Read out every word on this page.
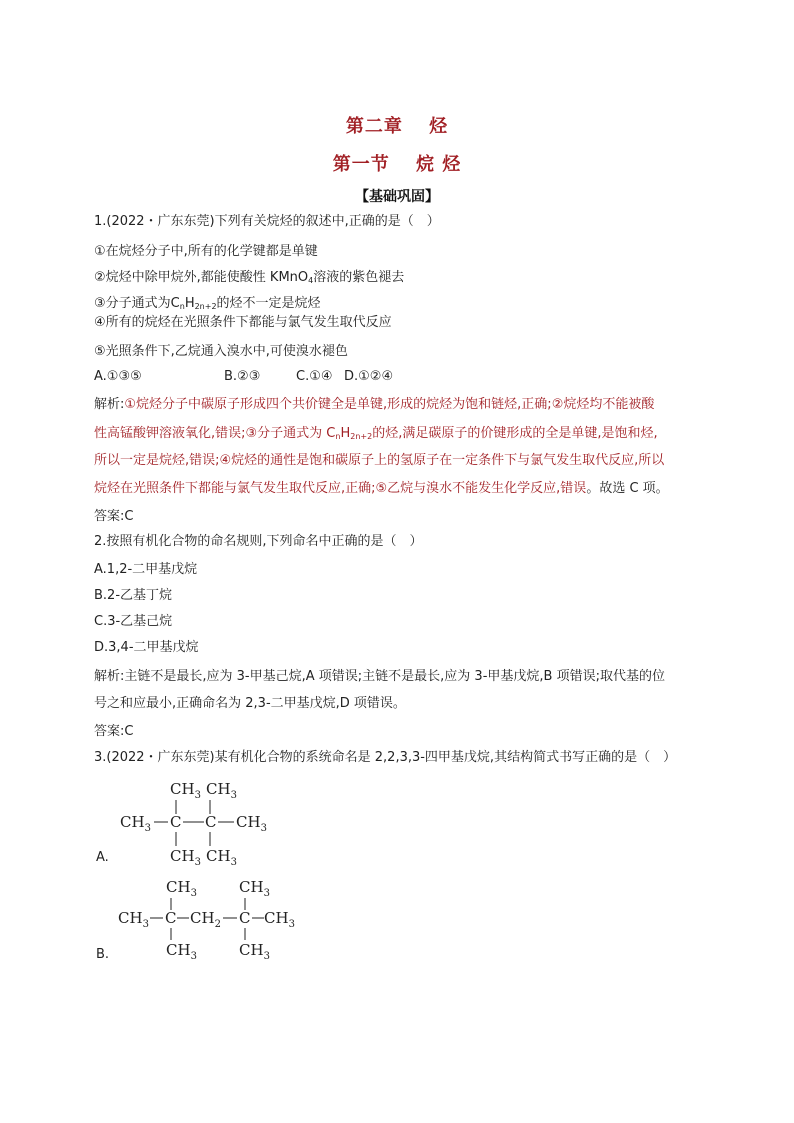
第二章　 烃
第一节　 烷 烃
【基础巩固】
1.(2022・广东东莞)下列有关烷烃的叙述中,正确的是（　）
①在烷烃分子中,所有的化学键都是单键
②烷烃中除甲烷外,都能使酸性 KMnO$_4$溶液的紫色褪去
③分子通式为$C_nH_{2n+2}$的烃不一定是烷烃
④所有的烷烃在光照条件下都能与氯气发生取代反应
⑤光照条件下,乙烷通入溴水中,可使溴水褪色
A.①③⑤	B.②③	C.①④ D.①②④
解析:①烷烃分子中碳原子形成四个共价键全是单键,形成的烷烃为饱和链烃,正确;②烷烃均不能被酸
性高锰酸钾溶液氧化,错误;③分子通式为 $C_nH_{2n+2}$的烃,满足碳原子的价键形成的全是单键,是饱和烃,
所以一定是烷烃,错误;④烷烃的通性是饱和碳原子上的氢原子在一定条件下与氯气发生取代反应,所以
烷烃在光照条件下都能与氯气发生取代反应,正确;⑤乙烷与溴水不能发生化学反应,错误。故选 C 项。
答案:C
2.按照有机化合物的命名规则,下列命名中正确的是（　）
A.1,2-二甲基戊烷
B.2-乙基丁烷
C.3-乙基己烷
D.3,4-二甲基戊烷
解析:主链不是最长,应为 3-甲基己烷,A 项错误;主链不是最长,应为 3-甲基戊烷,B 项错误;取代基的位
号之和应最小,正确命名为 2,3-二甲基戊烷,D 项错误。
答案:C
3.(2022・广东东莞)某有机化合物的系统命名是 2,2,3,3-四甲基戊烷,其结构简式书写正确的是（　）
$CH_3$ $CH_3$
$CH_3$ C C $CH_3$
$CH_3$ $CH_3$
A.
$CH_3$	$CH_3$
$CH_3$ C $CH_2$ C $CH_3$
$CH_3$	$CH_3$
B.
